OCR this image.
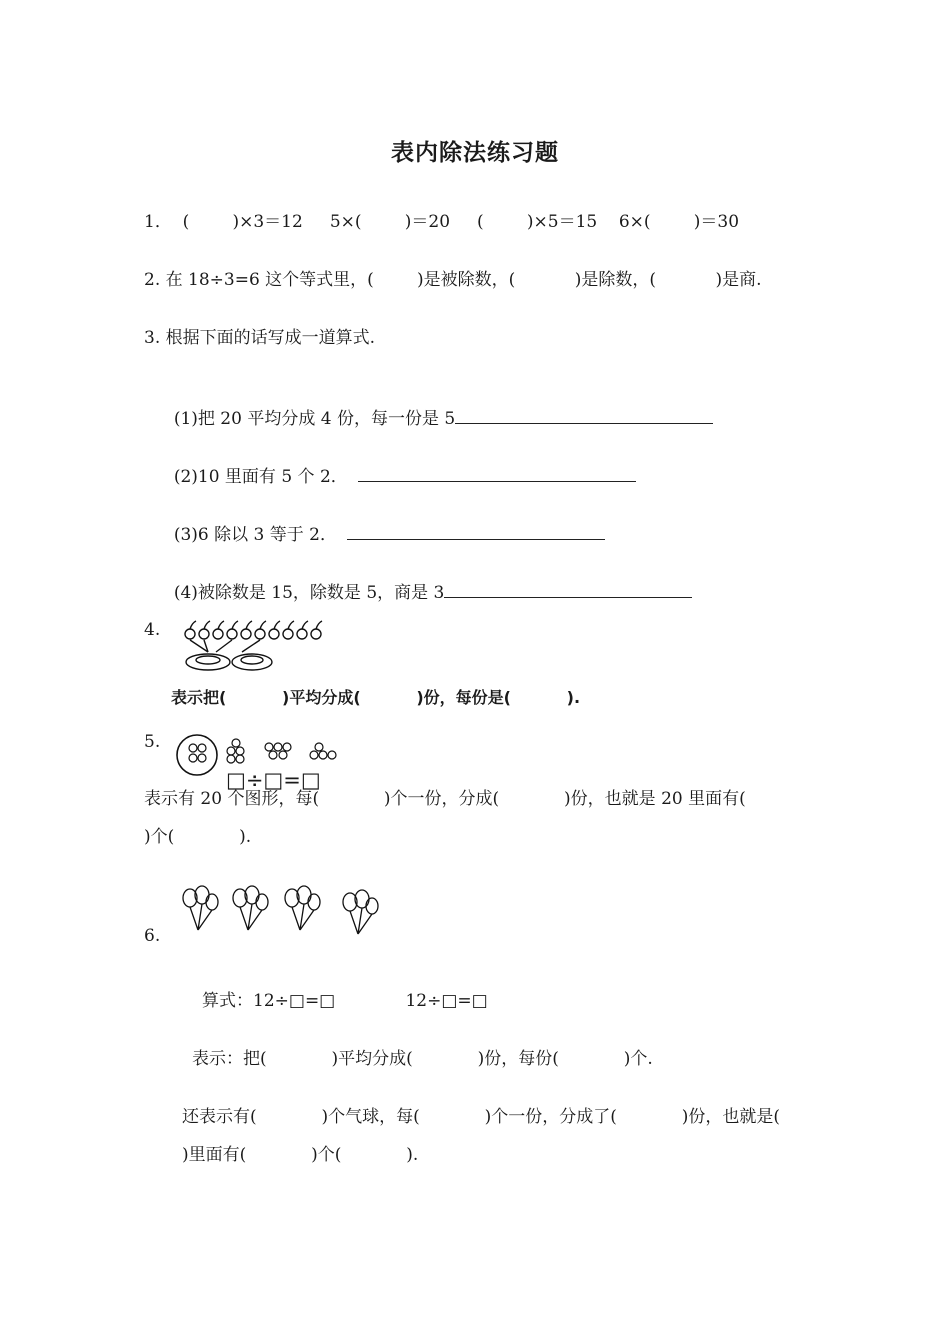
表内除法练习题
1．  (        )×3＝12     5×(        )＝20     (        )×5＝15    6×(        )＝30
2. 在 18÷3=6 这个等式里，(        )是被除数，(           )是除数，(           )是商.
3. 根据下面的话写成一道算式.

(1)把 20 平均分成 4 份，每一份是 5

(2)10 里面有 5 个 2．

(3)6 除以 3 等于 2．

(4)被除数是 15，除数是 5，商是 3

4.
表示把(          )平均分成(          )份，每份是(          ).
5.
□÷□=□
表示有 20 个图形，每(            )个一份，分成(            )份，也就是 20 里面有(
)个(            ).
6.
算式：12÷□=□             12÷□=□
表示：把(            )平均分成(            )份，每份(            )个.
还表示有(            )个气球，每(            )个一份，分成了(            )份，也就是(
)里面有(            )个(            ).
